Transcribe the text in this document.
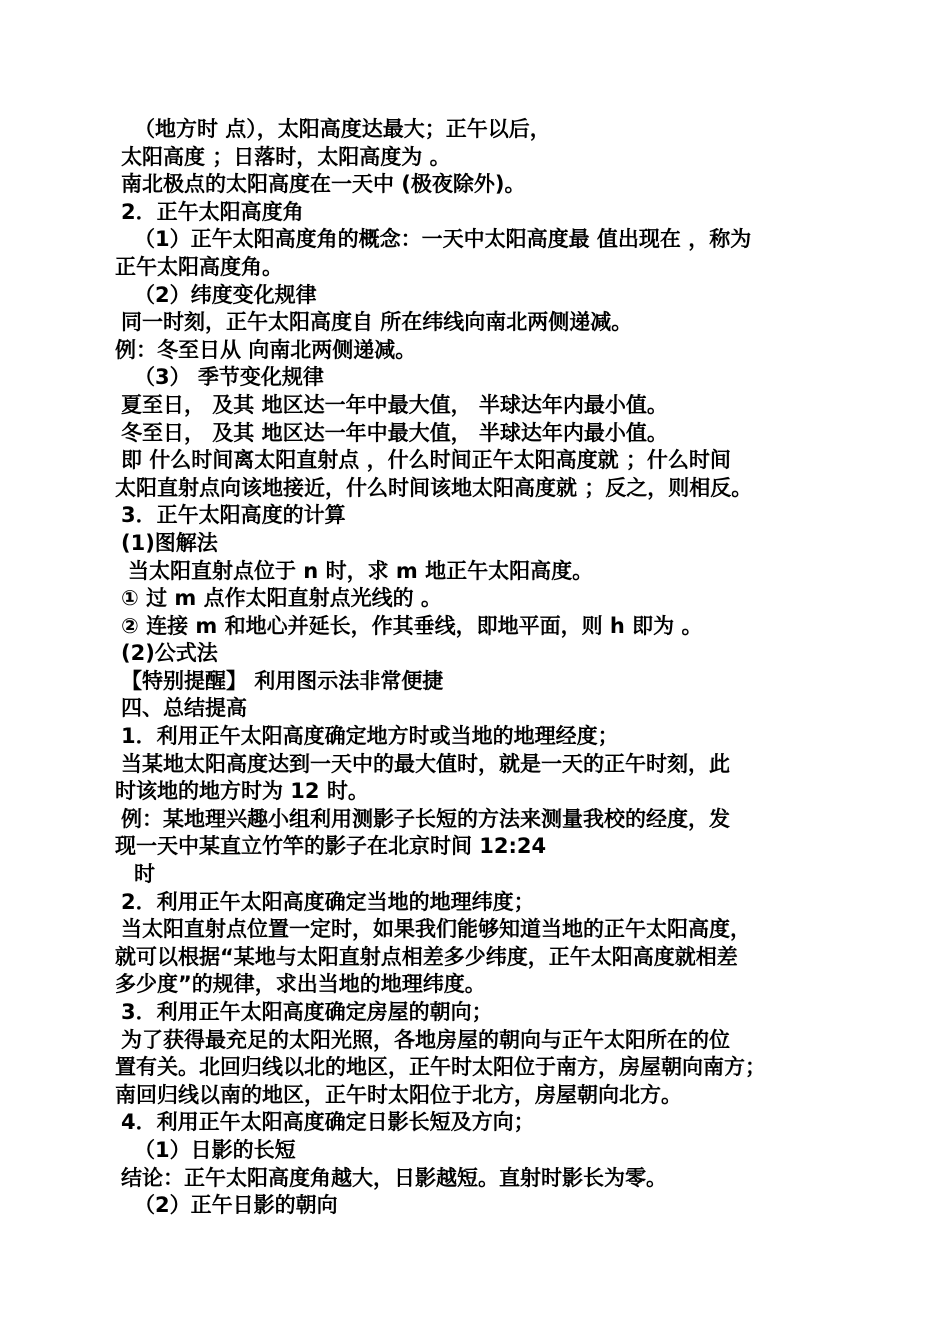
（地方时 点），太阳高度达最大；正午以后，
太阳高度 ；日落时，太阳高度为 。
南北极点的太阳高度在一天中 (极夜除外)。
2．正午太阳高度角
（1）正午太阳高度角的概念：一天中太阳高度最 值出现在 ，称为
正午太阳高度角。
（2）纬度变化规律
同一时刻，正午太阳高度自 所在纬线向南北两侧递减。
例：冬至日从 向南北两侧递减。
（3） 季节变化规律
夏至日， 及其 地区达一年中最大值， 半球达年内最小值。
冬至日， 及其 地区达一年中最大值， 半球达年内最小值。
即 什么时间离太阳直射点 ，什么时间正午太阳高度就 ；什么时间
太阳直射点向该地接近，什么时间该地太阳高度就 ；反之，则相反。
3．正午太阳高度的计算
(1)图解法
当太阳直射点位于 n 时，求 m 地正午太阳高度。
① 过 m 点作太阳直射点光线的 。
② 连接 m 和地心并延长，作其垂线，即地平面，则 h 即为 。
(2)公式法
【特别提醒】 利用图示法非常便捷
四、总结提高
1．利用正午太阳高度确定地方时或当地的地理经度；
当某地太阳高度达到一天中的最大值时，就是一天的正午时刻，此
时该地的地方时为 12 时。
例：某地理兴趣小组利用测影子长短的方法来测量我校的经度，发
现一天中某直立竹竿的影子在北京时间 12:24
时
2．利用正午太阳高度确定当地的地理纬度；
当太阳直射点位置一定时，如果我们能够知道当地的正午太阳高度，
就可以根据“某地与太阳直射点相差多少纬度，正午太阳高度就相差
多少度”的规律，求出当地的地理纬度。
3．利用正午太阳高度确定房屋的朝向；
为了获得最充足的太阳光照，各地房屋的朝向与正午太阳所在的位
置有关。北回归线以北的地区，正午时太阳位于南方，房屋朝向南方；
南回归线以南的地区，正午时太阳位于北方，房屋朝向北方。
4．利用正午太阳高度确定日影长短及方向；
（1）日影的长短
结论：正午太阳高度角越大，日影越短。直射时影长为零。
（2）正午日影的朝向
